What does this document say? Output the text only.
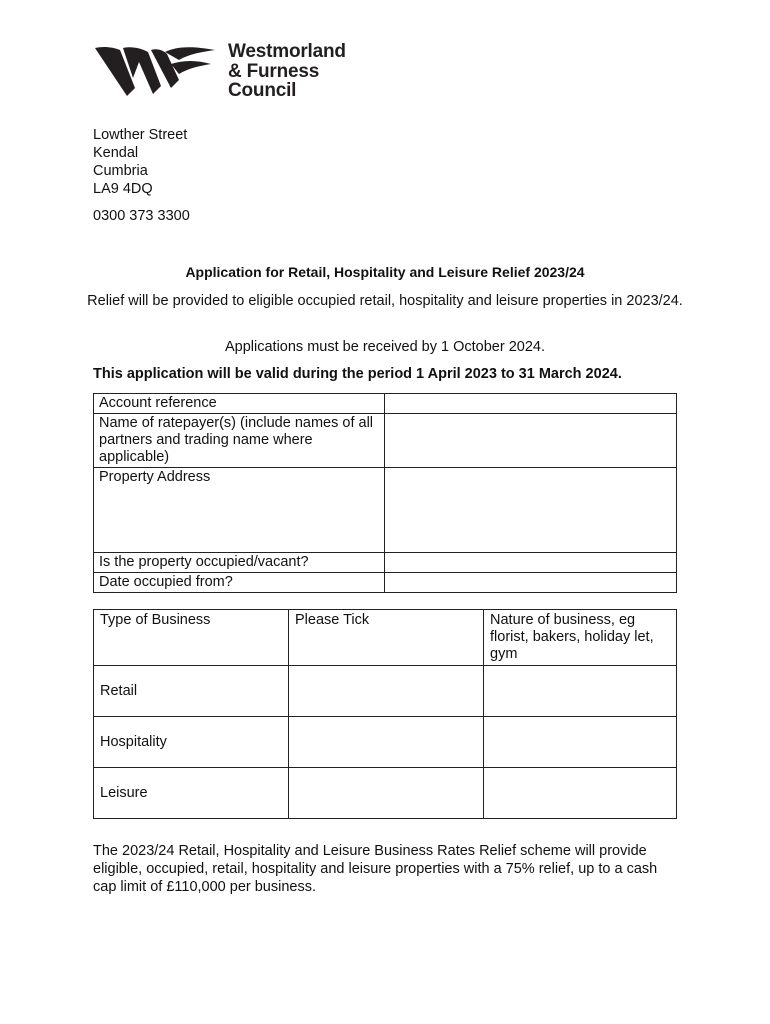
Westmorland
& Furness
Council
Lowther Street
Kendal
Cumbria
LA9 4DQ
0300 373 3300
Application for Retail, Hospitality and Leisure Relief 2023/24
Relief will be provided to eligible occupied retail, hospitality and leisure properties in 2023/24.
Applications must be received by 1 October 2024.
This application will be valid during the period 1 April 2023 to 31 March 2024.
Account reference	
Name of ratepayer(s) (include names of all partners and trading name where applicable)	
Property Address	
Is the property occupied/vacant?	
Date occupied from?	
Type of Business	Please Tick	Nature of business, eg florist, bakers, holiday let, gym
Retail		
Hospitality		
Leisure		
The 2023/24 Retail, Hospitality and Leisure Business Rates Relief scheme will provide eligible, occupied, retail, hospitality and leisure properties with a 75% relief, up to a cash cap limit of £110,000 per business.
